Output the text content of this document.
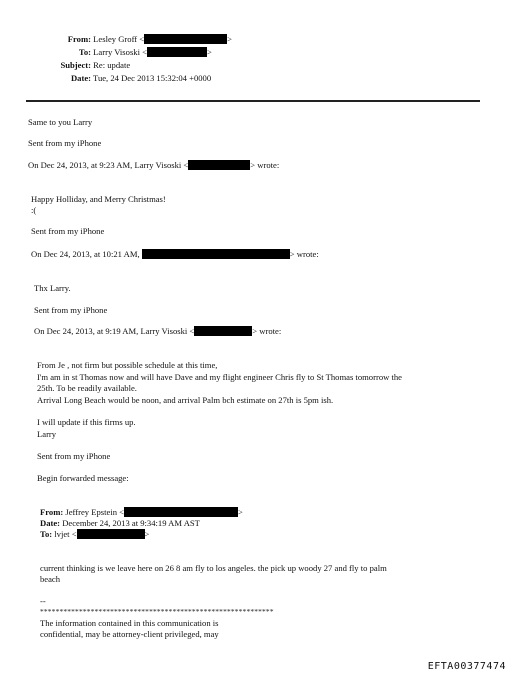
From: Lesley Groff <	>
To: Larry Visoski <	>
Subject: Re: update
Date: Tue, 24 Dec 2013 15:32:04 +0000
Same to you Larry
Sent from my iPhone
On Dec 24, 2013, at 9:23 AM, Larry Visoski <	> wrote:
Happy Holliday, and Merry Christmas!
:(
Sent from my iPhone
On Dec 24, 2013, at 10:21 AM,	> wrote:
Thx Larry.
Sent from my iPhone
On Dec 24, 2013, at 9:19 AM, Larry Visoski <	> wrote:
From Je , not firm but possible schedule at this time,
I'm am in st Thomas now and will have Dave and my flight engineer Chris fly to St Thomas tomorrow the
25th. To be readily available.
Arrival Long Beach would be noon, and arrival Palm bch estimate on 27th is 5pm ish.
I will update if this firms up.
Larry
Sent from my iPhone
Begin forwarded message:
From: Jeffrey Epstein <	>
Date: December 24, 2013 at 9:34:19 AM AST
To: lvjet <	>
current thinking is we leave here on 26 8 am fly to los angeles. the pick up woody 27 and fly to palm
beach
--
************************************************************
The information contained in this communication is
confidential, may be attorney-client privileged, may
EFTA00377474
